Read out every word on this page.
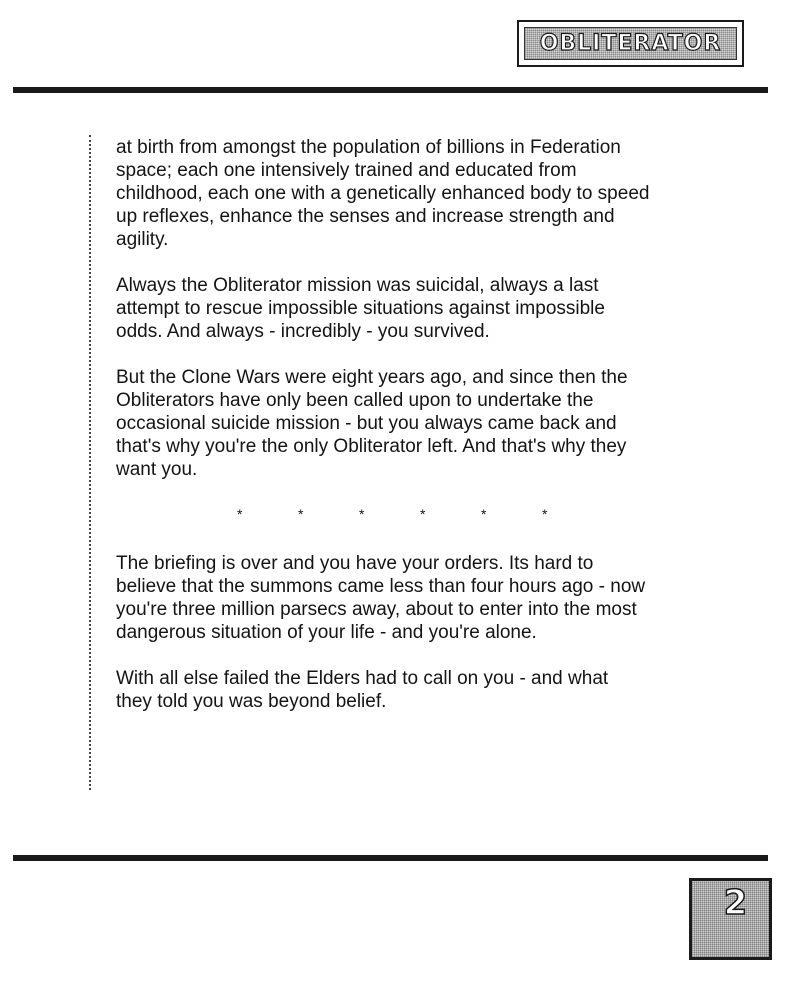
OBLITERATOR

at birth from amongst the population of billions in Federation
space; each one intensively trained and educated from
childhood, each one with a genetically enhanced body to speed
up reflexes, enhance the senses and increase strength and
agility.

Always the Obliterator mission was suicidal, always a last
attempt to rescue impossible situations against impossible
odds. And always - incredibly - you survived.

But the Clone Wars were eight years ago, and since then the
Obliterators have only been called upon to undertake the
occasional suicide mission - but you always came back and
that's why you're the only Obliterator left. And that's why they
want you.

*	*	*	*	*	*

The briefing is over and you have your orders. Its hard to
believe that the summons came less than four hours ago - now
you're three million parsecs away, about to enter into the most
dangerous situation of your life - and you're alone.

With all else failed the Elders had to call on you - and what
they told you was beyond belief.

2
